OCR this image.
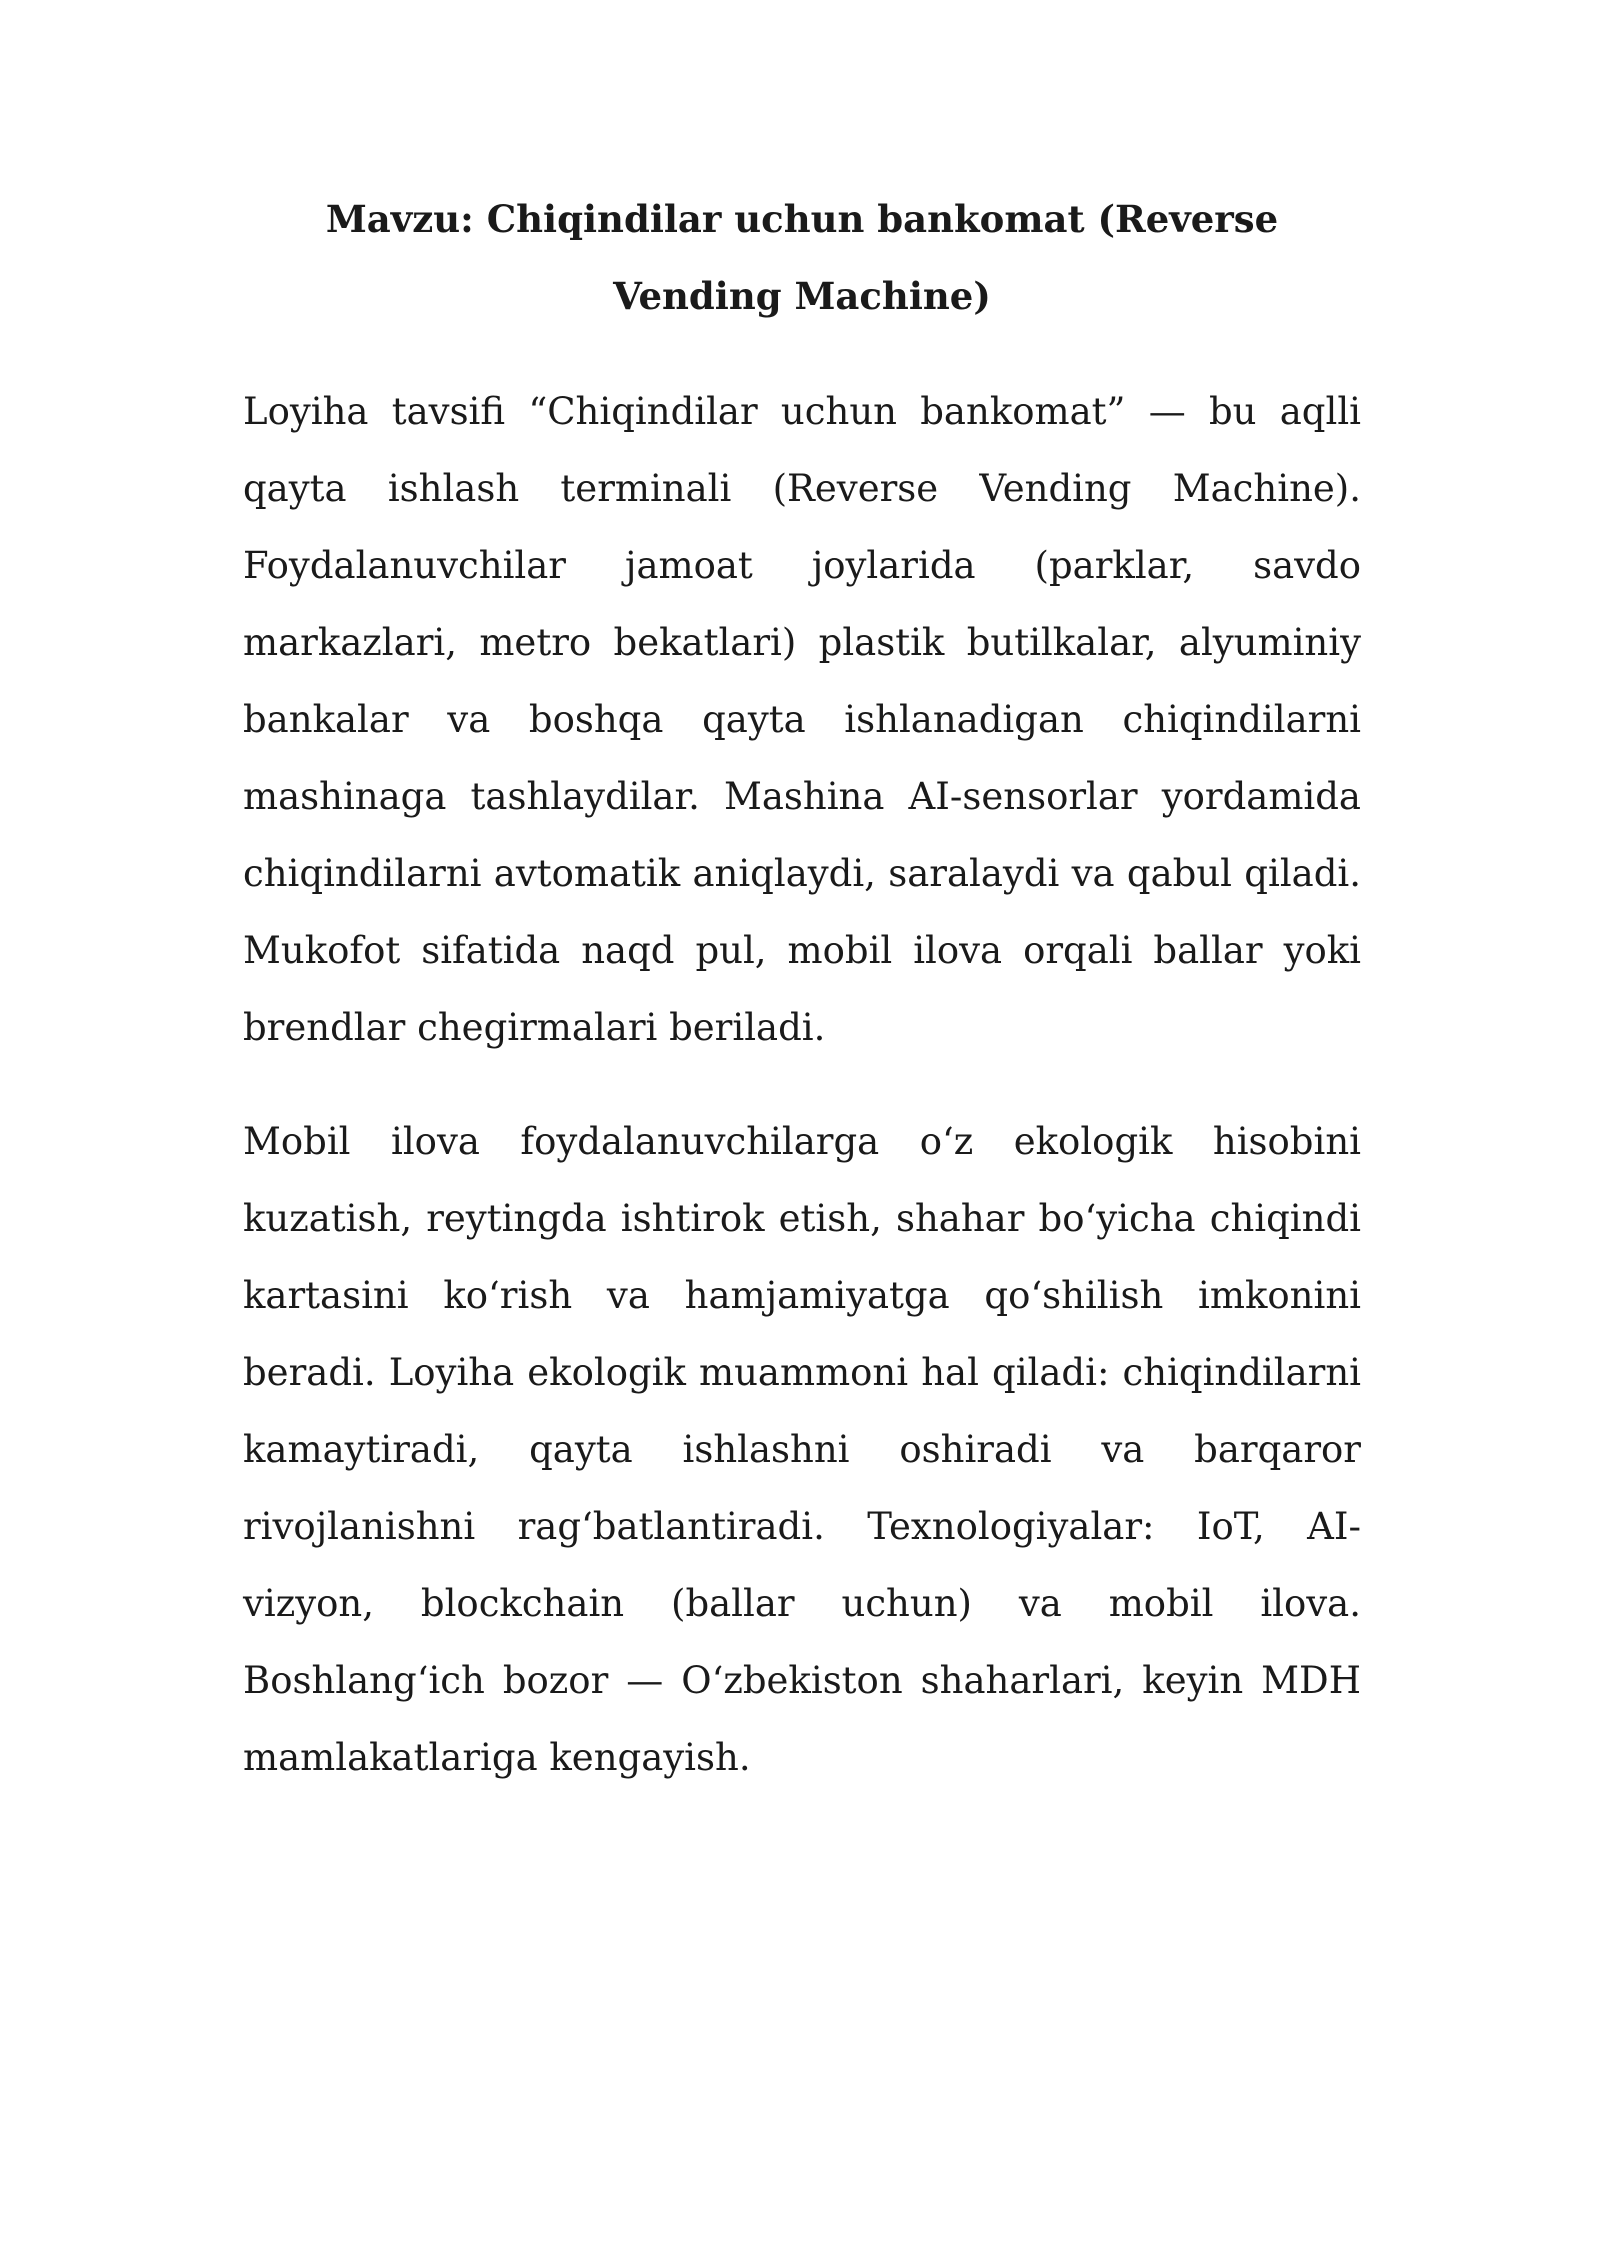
Mavzu: Chiqindilar uchun bankomat (Reverse Vending Machine)

Loyiha tavsifi “Chiqindilar uchun bankomat” — bu aqlli qayta ishlash terminali (Reverse Vending Machine). Foydalanuvchilar jamoat joylarida (parklar, savdo markazlari, metro bekatlari) plastik butilkalar, alyuminiy bankalar va boshqa qayta ishlanadigan chiqindilarni mashinaga tashlaydilar. Mashina AI-sensorlar yordamida chiqindilarni avtomatik aniqlaydi, saralaydi va qabul qiladi. Mukofot sifatida naqd pul, mobil ilova orqali ballar yoki brendlar chegirmalari beriladi.

Mobil ilova foydalanuvchilarga o‘z ekologik hisobini kuzatish, reytingda ishtirok etish, shahar bo‘yicha chiqindi kartasini ko‘rish va hamjamiyatga qo‘shilish imkonini beradi. Loyiha ekologik muammoni hal qiladi: chiqindilarni kamaytiradi, qayta ishlashni oshiradi va barqaror rivojlanishni rag‘batlantiradi. Texnologiyalar: IoT, AI-vizyon, blockchain (ballar uchun) va mobil ilova. Boshlang‘ich bozor — O‘zbekiston shaharlari, keyin MDH mamlakatlariga kengayish.
